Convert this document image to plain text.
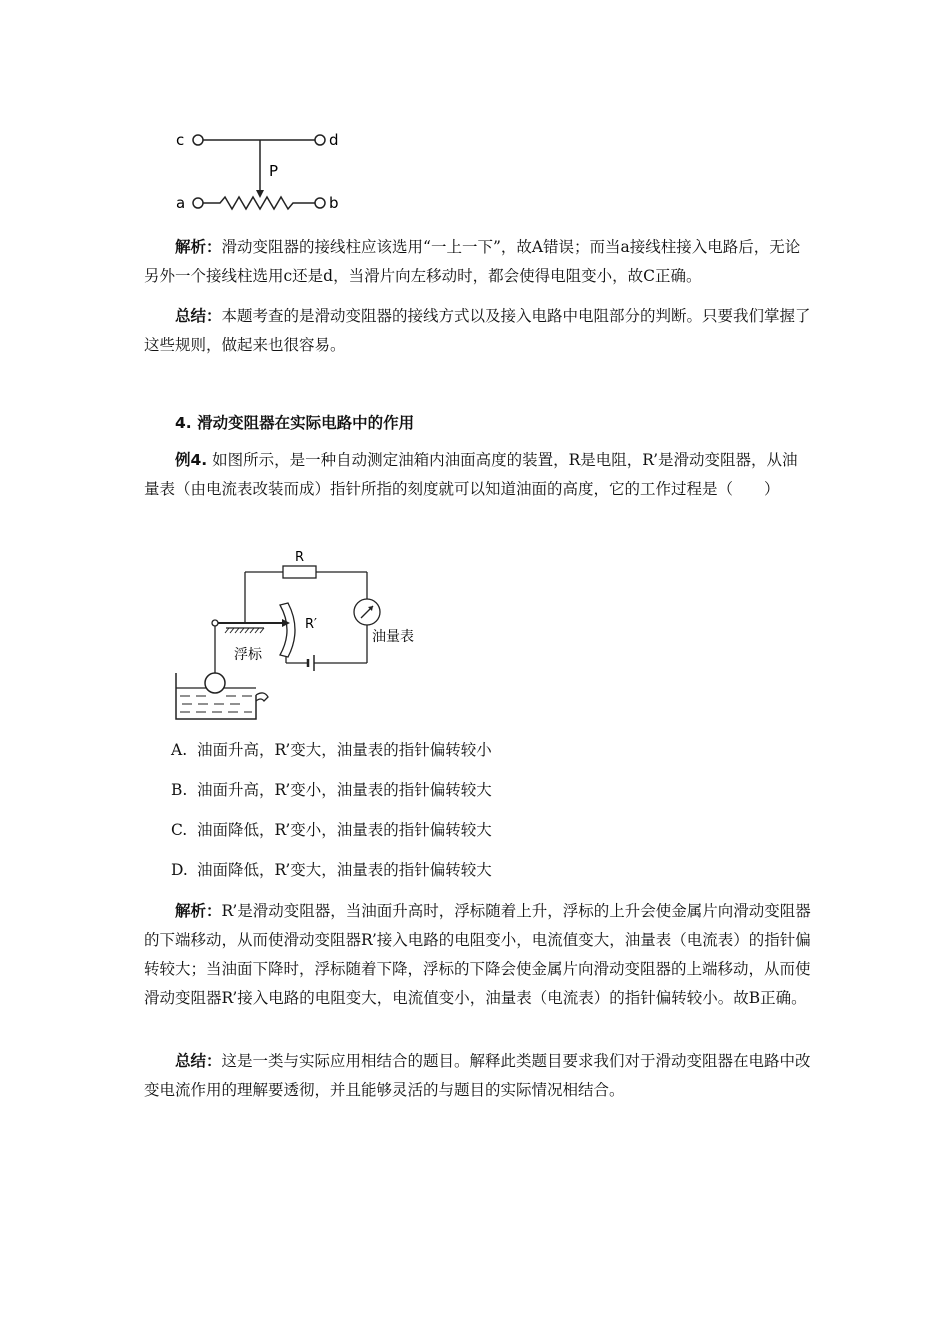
c	d
P
a	b

解析：滑动变阻器的接线柱应该选用“一上一下”，故A错误；而当a接线柱接入电路后，无论另外一个接线柱选用c还是d，当滑片向左移动时，都会使得电阻变小，故C正确。

总结：本题考查的是滑动变阻器的接线方式以及接入电路中电阻部分的判断。只要我们掌握了这些规则，做起来也很容易。

4. 滑动变阻器在实际电路中的作用

例4. 如图所示，是一种自动测定油箱内油面高度的装置，R是电阻，R’是滑动变阻器，从油量表（由电流表改装而成）指针所指的刻度就可以知道油面的高度，它的工作过程是（　　）

R
油量表
R′
浮标
A. 油面升高，R’变大，油量表的指针偏转较小
B. 油面升高，R’变小，油量表的指针偏转较大
C. 油面降低，R’变小，油量表的指针偏转较大
D. 油面降低，R’变大，油量表的指针偏转较大

解析：R’是滑动变阻器，当油面升高时，浮标随着上升，浮标的上升会使金属片向滑动变阻器的下端移动，从而使滑动变阻器R’接入电路的电阻变小，电流值变大，油量表（电流表）的指针偏转较大；当油面下降时，浮标随着下降，浮标的下降会使金属片向滑动变阻器的上端移动，从而使滑动变阻器R’接入电路的电阻变大，电流值变小，油量表（电流表）的指针偏转较小。故B正确。

总结：这是一类与实际应用相结合的题目。解释此类题目要求我们对于滑动变阻器在电路中改变电流作用的理解要透彻，并且能够灵活的与题目的实际情况相结合。
